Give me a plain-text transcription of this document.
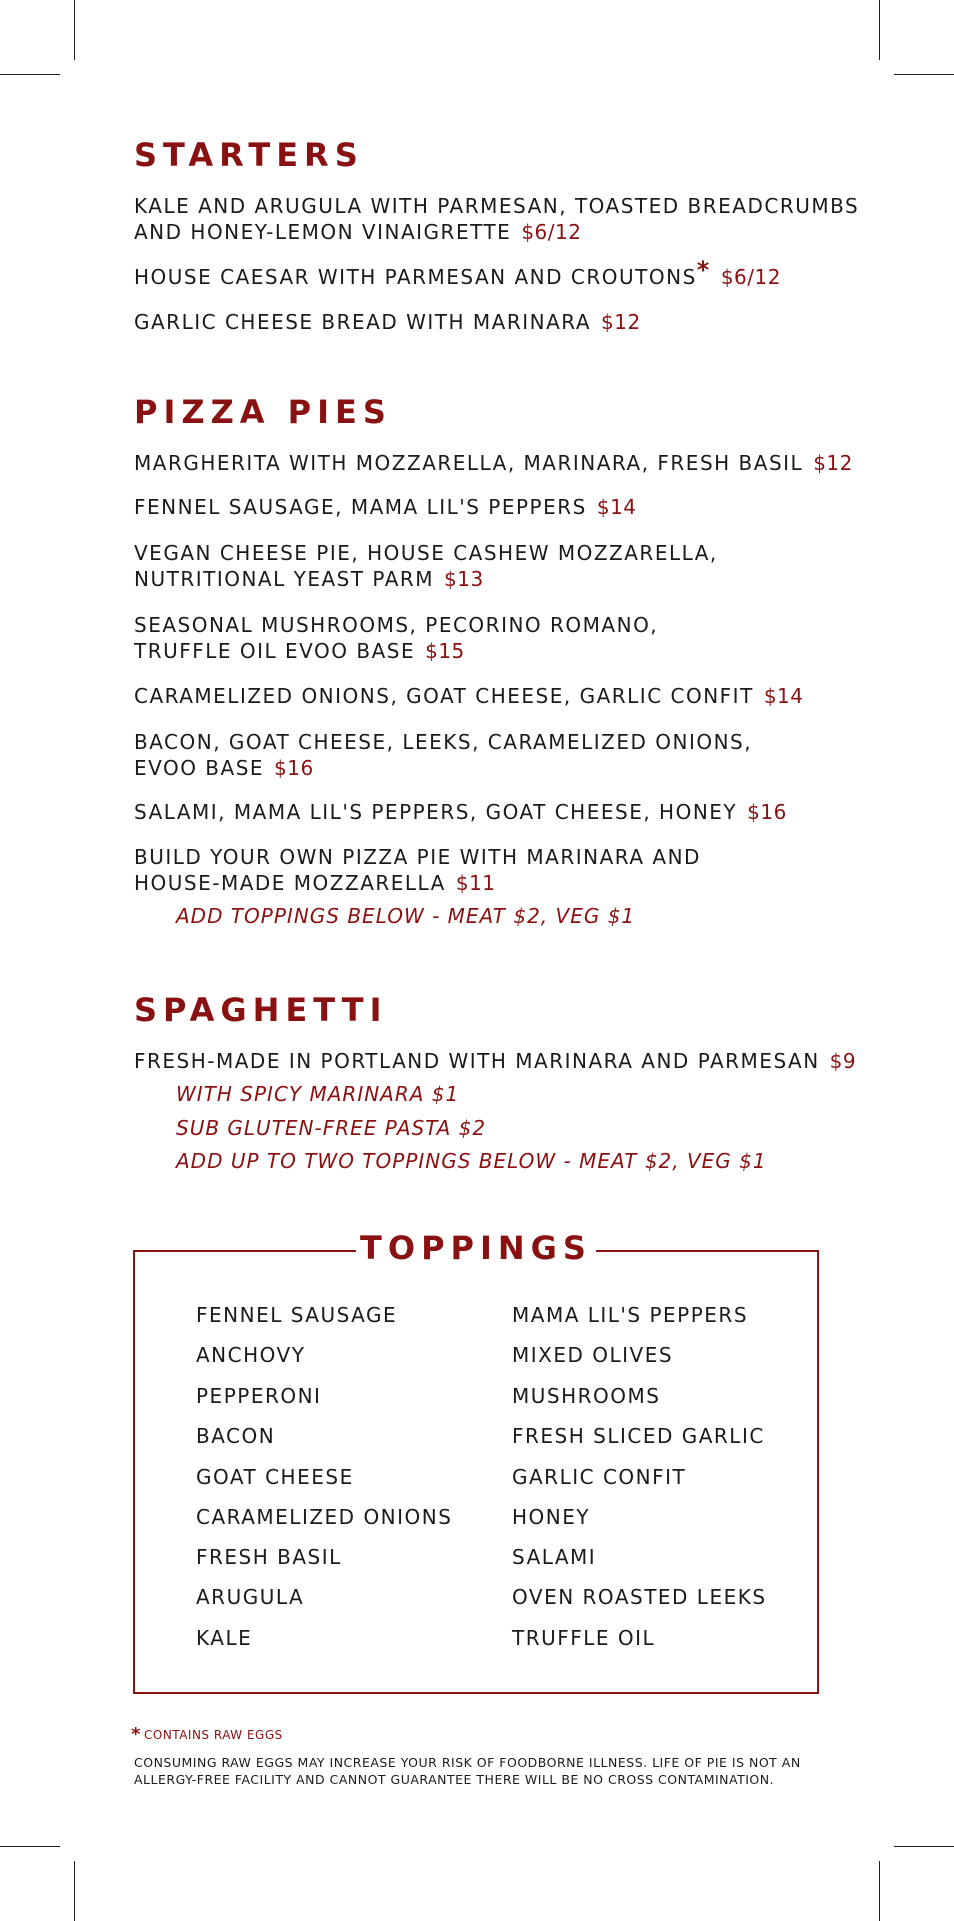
STARTERS

KALE AND ARUGULA WITH PARMESAN, TOASTED BREADCRUMBS
AND HONEY-LEMON VINAIGRETTE $6/12

HOUSE CAESAR WITH PARMESAN AND CROUTONS* $6/12

GARLIC CHEESE BREAD WITH MARINARA $12

PIZZA PIES

MARGHERITA WITH MOZZARELLA, MARINARA, FRESH BASIL $12

FENNEL SAUSAGE, MAMA LIL'S PEPPERS $14

VEGAN CHEESE PIE, HOUSE CASHEW MOZZARELLA,
NUTRITIONAL YEAST PARM $13

SEASONAL MUSHROOMS, PECORINO ROMANO,
TRUFFLE OIL EVOO BASE $15

CARAMELIZED ONIONS, GOAT CHEESE, GARLIC CONFIT $14

BACON, GOAT CHEESE, LEEKS, CARAMELIZED ONIONS,
EVOO BASE $16

SALAMI, MAMA LIL'S PEPPERS, GOAT CHEESE, HONEY $16

BUILD YOUR OWN PIZZA PIE WITH MARINARA AND
HOUSE-MADE MOZZARELLA $11

ADD TOPPINGS BELOW - MEAT $2, VEG $1

SPAGHETTI

FRESH-MADE IN PORTLAND WITH MARINARA AND PARMESAN $9

WITH SPICY MARINARA $1

SUB GLUTEN-FREE PASTA $2

ADD UP TO TWO TOPPINGS BELOW - MEAT $2, VEG $1

TOPPINGS

FENNEL SAUSAGE

ANCHOVY

PEPPERONI

BACON

GOAT CHEESE

CARAMELIZED ONIONS

FRESH BASIL

ARUGULA

KALE

MAMA LIL'S PEPPERS

MIXED OLIVES

MUSHROOMS

FRESH SLICED GARLIC

GARLIC CONFIT

HONEY

SALAMI

OVEN ROASTED LEEKS

TRUFFLE OIL

* CONTAINS RAW EGGS

CONSUMING RAW EGGS MAY INCREASE YOUR RISK OF FOODBORNE ILLNESS. LIFE OF PIE IS NOT AN ALLERGY-FREE FACILITY AND CANNOT GUARANTEE THERE WILL BE NO CROSS CONTAMINATION.
